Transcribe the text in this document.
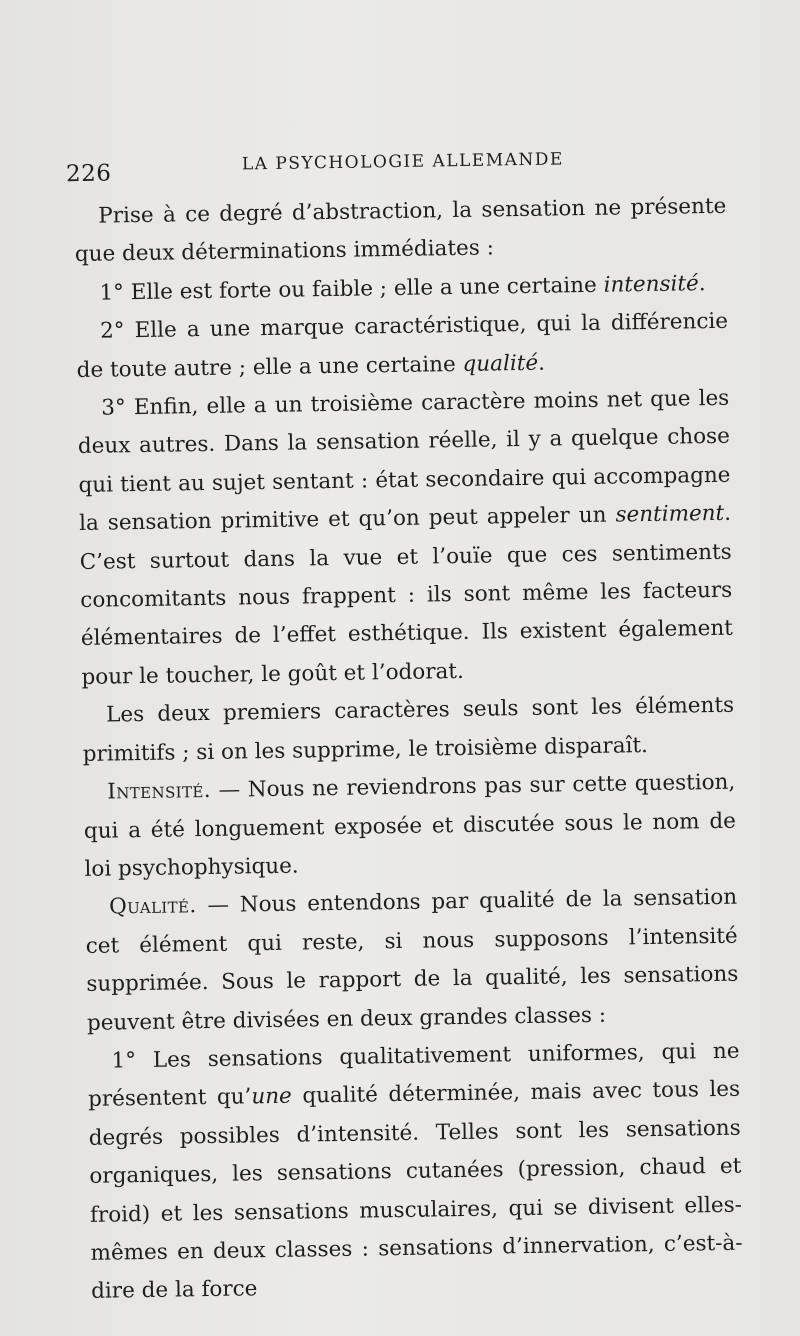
226	LA PSYCHOLOGIE ALLEMANDE

Prise à ce degré d’abstraction, la sensation ne présente que deux déterminations immédiates :

1° Elle est forte ou faible ; elle a une certaine intensité.

2° Elle a une marque caractéristique, qui la différencie de toute autre ; elle a une certaine qualité.

3° Enfin, elle a un troisième caractère moins net que les deux autres. Dans la sensation réelle, il y a quelque chose qui tient au sujet sentant : état secondaire qui accompagne la sensation primitive et qu’on peut appeler un sentiment. C’est surtout dans la vue et l’ouïe que ces sentiments concomitants nous frappent : ils sont même les facteurs élémentaires de l’effet esthétique. Ils existent également pour le toucher, le goût et l’odorat.

Les deux premiers caractères seuls sont les éléments primitifs ; si on les supprime, le troisième disparaît.

Intensité. — Nous ne reviendrons pas sur cette question, qui a été longuement exposée et discutée sous le nom de loi psychophysique.

Qualité. — Nous entendons par qualité de la sensation cet élément qui reste, si nous supposons l’intensité supprimée. Sous le rapport de la qualité, les sensations peuvent être divisées en deux grandes classes :

1° Les sensations qualitativement uniformes, qui ne présentent qu’une qualité déterminée, mais avec tous les degrés possibles d’intensité. Telles sont les sensations organiques, les sensations cutanées (pression, chaud et froid) et les sensations musculaires, qui se divisent elles-mêmes en deux classes : sensations d’innervation, c’est-à-dire de la force
